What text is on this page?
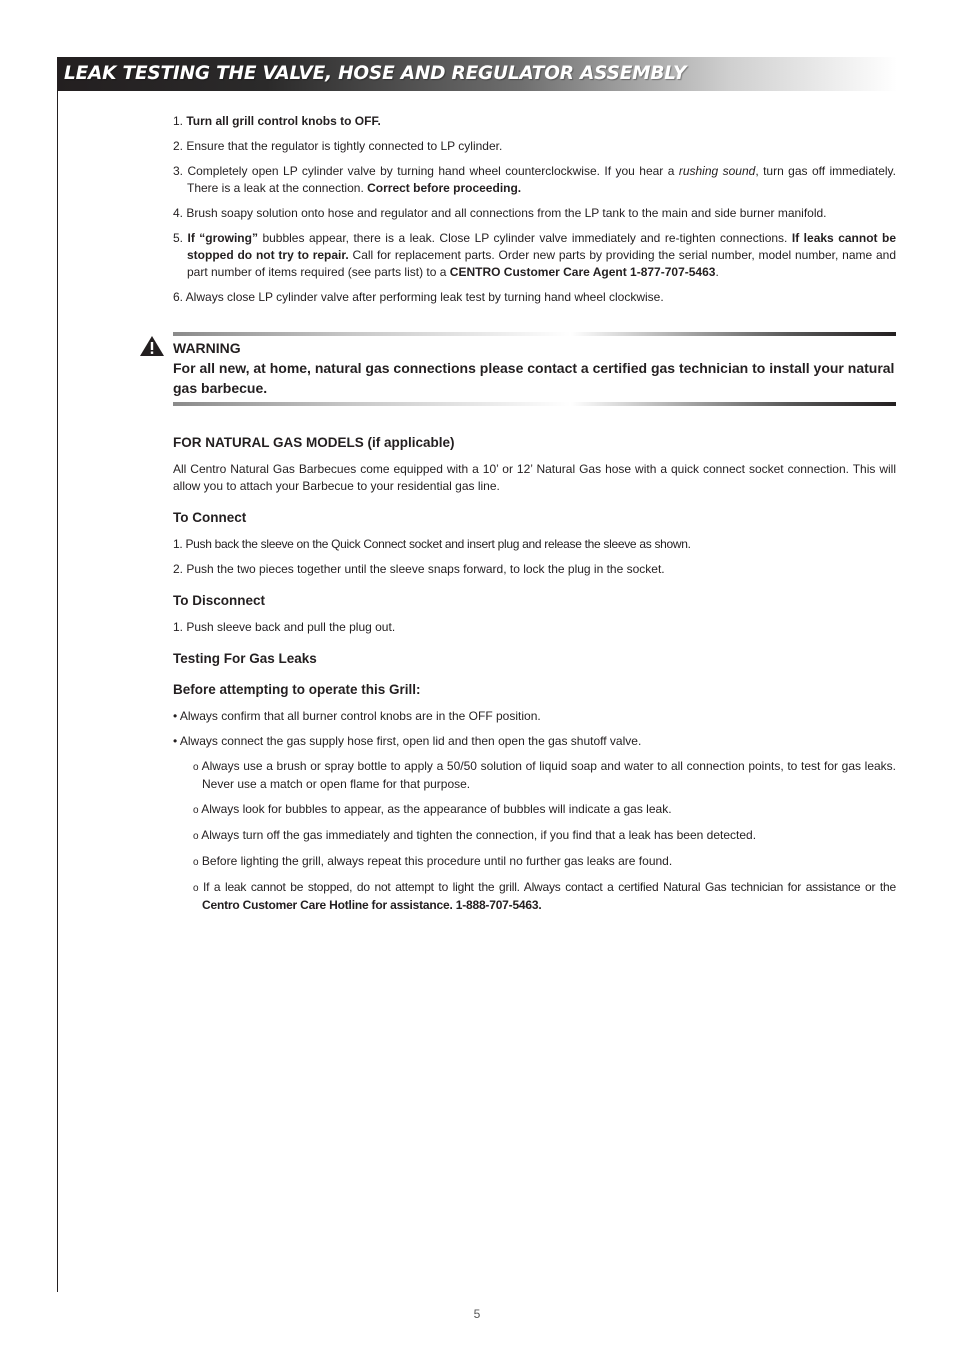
LEAK TESTING THE VALVE, HOSE AND REGULATOR ASSEMBLY

1. Turn all grill control knobs to OFF.

2. Ensure that the regulator is tightly connected to LP cylinder.

3. Completely open LP cylinder valve by turning hand wheel counterclockwise. If you hear a rushing sound, turn gas off immediately. There is a leak at the connection. Correct before proceeding.

4. Brush soapy solution onto hose and regulator and all connections from the LP tank to the main and side burner manifold.

5. If “growing” bubbles appear, there is a leak. Close LP cylinder valve immediately and re-tighten connections. If leaks cannot be stopped do not try to repair. Call for replacement parts. Order new parts by providing the serial number, model number, name and part number of items required (see parts list) to a CENTRO Customer Care Agent 1-877-707-5463.

6. Always close LP cylinder valve after performing leak test by turning hand wheel clockwise.

WARNING
For all new, at home, natural gas connections please contact a certified gas technician to install your natural gas barbecue.
FOR NATURAL GAS MODELS (if applicable)

All Centro Natural Gas Barbecues come equipped with a 10’ or 12’ Natural Gas hose with a quick connect socket connection. This will allow you to attach your Barbecue to your residential gas line.

To Connect

1. Push back the sleeve on the Quick Connect socket and insert plug and release the sleeve as shown.

2. Push the two pieces together until the sleeve snaps forward, to lock the plug in the socket.

To Disconnect

1. Push sleeve back and pull the plug out.

Testing For Gas Leaks
Before attempting to operate this Grill:

• Always confirm that all burner control knobs are in the OFF position.

• Always connect the gas supply hose first, open lid and then open the gas shutoff valve.

o Always use a brush or spray bottle to apply a 50/50 solution of liquid soap and water to all connection points, to test for gas leaks. Never use a match or open flame for that purpose.

o Always look for bubbles to appear, as the appearance of bubbles will indicate a gas leak.

o Always turn off the gas immediately and tighten the connection, if you find that a leak has been detected.

o Before lighting the grill, always repeat this procedure until no further gas leaks are found.

o If a leak cannot be stopped, do not attempt to light the grill. Always contact a certified Natural Gas technician for assistance or the Centro Customer Care Hotline for assistance. 1-888-707-5463.

5
